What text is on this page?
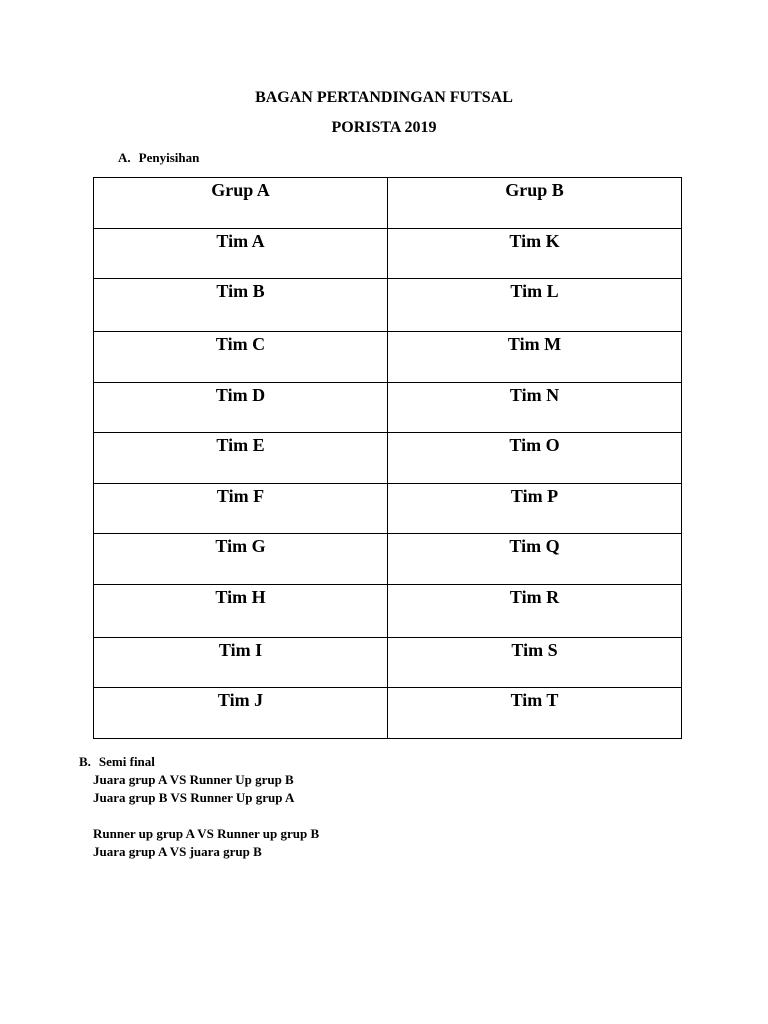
BAGAN PERTANDINGAN FUTSAL
PORISTA 2019
A. Penyisihan
Grup A	Grup B
Tim A	Tim K
Tim B	Tim L
Tim C	Tim M
Tim D	Tim N
Tim E	Tim O
Tim F	Tim P
Tim G	Tim Q
Tim H	Tim R
Tim I	Tim S
Tim J	Tim T
B. Semi final
Juara grup A VS Runner Up grup B
Juara grup B VS Runner Up grup A
Runner up grup A VS Runner up grup B
Juara grup A VS juara grup B
